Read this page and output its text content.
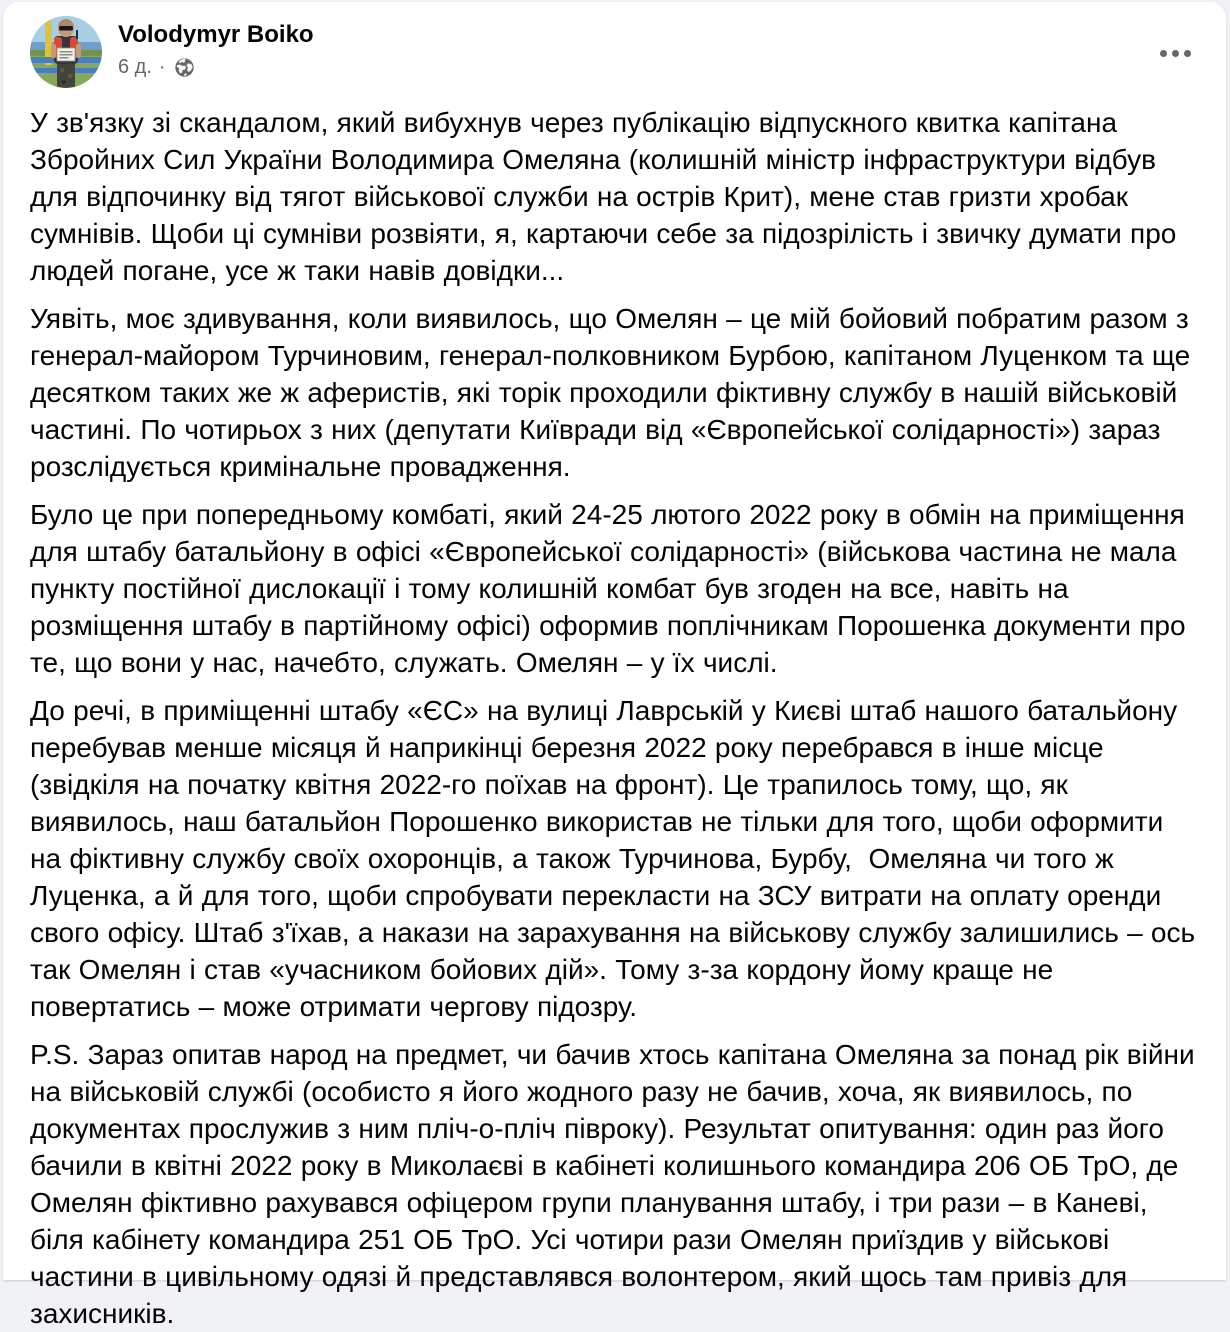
Volodymyr Boiko
6 д. ·

У зв'язку зі скандалом, який вибухнув через публікацію відпускного квитка капітана Збройних Сил України Володимира Омеляна (колишній міністр інфраструктури відбув для відпочинку від тягот військової служби на острів Крит), мене став гризти хробак сумнівів. Щоби ці сумніви розвіяти, я, картаючи себе за підозрілість і звичку думати про людей погане, усе ж таки навів довідки...

Уявіть, моє здивування, коли виявилось, що Омелян – це мій бойовий побратим разом з генерал-майором Турчиновим, генерал-полковником Бурбою, капітаном Луценком та ще десятком таких же ж аферистів, які торік проходили фіктивну службу в нашій військовій частині. По чотирьох з них (депутати Київради від «Європейської солідарності») зараз розслідується кримінальне провадження.

Було це при попередньому комбаті, який 24-25 лютого 2022 року в обмін на приміщення для штабу батальйону в офісі «Європейської солідарності» (військова частина не мала пункту постійної дислокації і тому колишній комбат був згоден на все, навіть на розміщення штабу в партійному офісі) оформив поплічникам Порошенка документи про те, що вони у нас, начебто, служать. Омелян – у їх числі.

До речі, в приміщенні штабу «ЄС» на вулиці Лаврській у Києві штаб нашого батальйону перебував менше місяця й наприкінці березня 2022 року перебрався в інше місце (звідкіля на початку квітня 2022-го поїхав на фронт). Це трапилось тому, що, як виявилось, наш батальйон Порошенко використав не тільки для того, щоби оформити на фіктивну службу своїх охоронців, а також Турчинова, Бурбу,  Омеляна чи того ж Луценка, а й для того, щоби спробувати перекласти на ЗСУ витрати на оплату оренди свого офісу. Штаб з'їхав, а накази на зарахування на військову службу залишились – ось так Омелян і став «учасником бойових дій». Тому з-за кордону йому краще не повертатись – може отримати чергову підозру.

P.S. Зараз опитав народ на предмет, чи бачив хтось капітана Омеляна за понад рік війни на військовій службі (особисто я його жодного разу не бачив, хоча, як виявилось, по документах прослужив з ним пліч-о-пліч півроку). Результат опитування: один раз його бачили в квітні 2022 року в Миколаєві в кабінеті колишнього командира 206 ОБ ТрО, де Омелян фіктивно рахувався офіцером групи планування штабу, і три рази – в Каневі, біля кабінету командира 251 ОБ ТрО. Усі чотири рази Омелян приїздив у військові частини в цивільному одязі й представлявся волонтером, який щось там привіз для захисників.
